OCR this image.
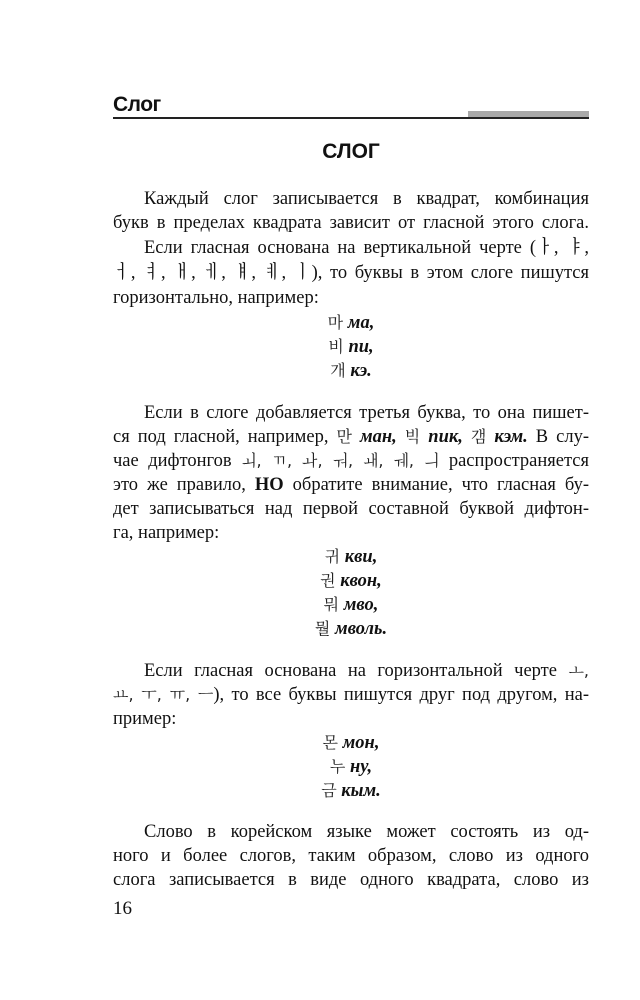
Слог
СЛОГ
Каждый слог записывается в квадрат, комбинация
букв в пределах квадрата зависит от гласной этого слога.
Если гласная основана на вертикальной черте (ㅏ, ㅑ,
ㅓ, ㅕ, ㅐ, ㅔ, ㅒ, ㅖ, ㅣ), то буквы в этом слоге пишутся
горизонтально, например:
마 ма,
비 пи,
개 кэ.
Если в слоге добавляется третья буква, то она пишет-
ся под гласной, например, 만 ман, 빅 пик, 갬 кэм. В слу-
чае дифтонгов ㅚ, ㄲ, ㅘ, ㅝ, ㅙ, ㅞ, ㅢ распространяется
это же правило, НО обратите внимание, что гласная бу-
дет записываться над первой составной буквой дифтон-
га, например:
귀 кви,
권 квон,
뭐 мво,
뭘 мволь.
Если гласная основана на горизонтальной черте ㅗ,
ㅛ, ㅜ, ㅠ, ㅡ), то все буквы пишутся друг под другом, на-
пример:
몬 мон,
누 ну,
금 кым.
Слово в корейском языке может состоять из од-
ного и более слогов, таким образом, слово из одного
слога записывается в виде одного квадрата, слово из
16
